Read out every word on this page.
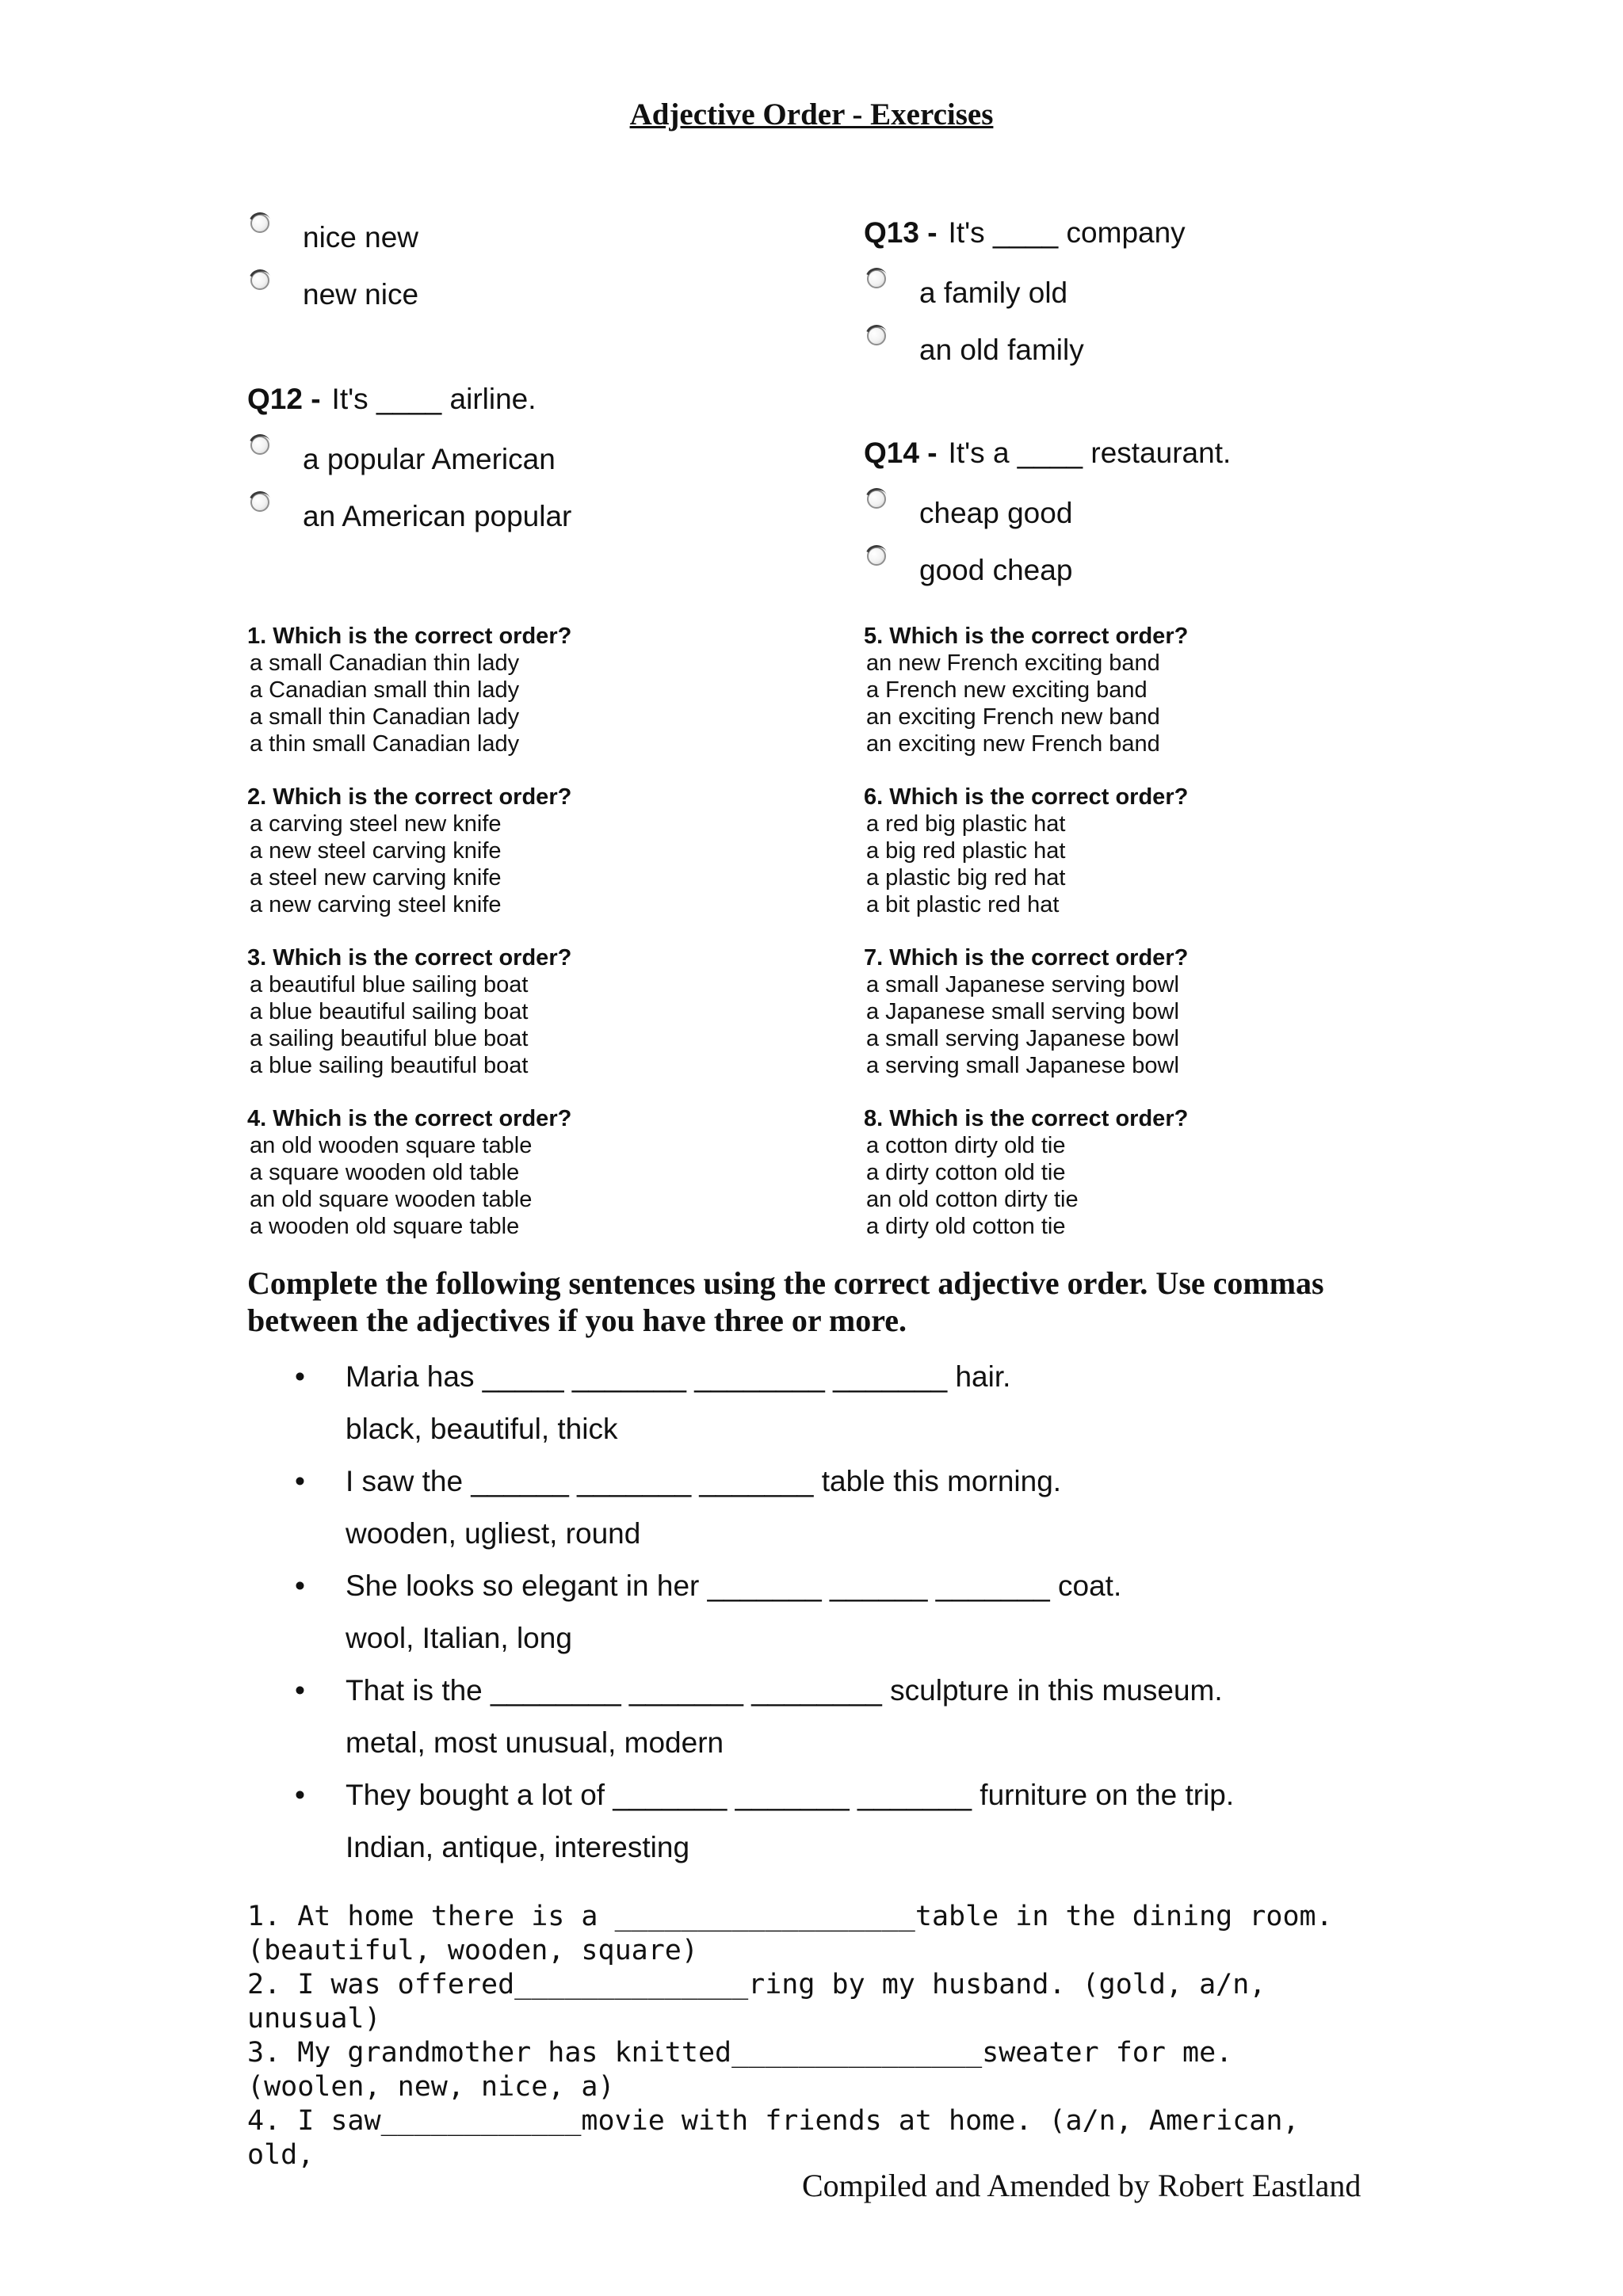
Adjective Order - Exercises
nice new
new nice
Q12 - It's ____ airline.
a popular American
an American popular
Q13 - It's ____ company
a family old
an old family
Q14 - It's a ____ restaurant.
cheap good
good cheap
1. Which is the correct order?
a small Canadian thin lady
a Canadian small thin lady
a small thin Canadian lady
a thin small Canadian lady
2. Which is the correct order?
a carving steel new knife
a new steel carving knife
a steel new carving knife
a new carving steel knife
3. Which is the correct order?
a beautiful blue sailing boat
a blue beautiful sailing boat
a sailing beautiful blue boat
a blue sailing beautiful boat
4. Which is the correct order?
an old wooden square table
a square wooden old table
an old square wooden table
a wooden old square table
5. Which is the correct order?
an new French exciting band
a French new exciting band
an exciting French new band
an exciting new French band
6. Which is the correct order?
a red big plastic hat
a big red plastic hat
a plastic big red hat
a bit plastic red hat
7. Which is the correct order?
a small Japanese serving bowl
a Japanese small serving bowl
a small serving Japanese bowl
a serving small Japanese bowl
8. Which is the correct order?
a cotton dirty old tie
a dirty cotton old tie
an old cotton dirty tie
a dirty old cotton tie
Complete the following sentences using the correct adjective order. Use commas between the adjectives if you have three or more.
• Maria has _____ _______ ________ _______ hair.
black, beautiful, thick
• I saw the ______ _______ _______ table this morning.
wooden, ugliest, round
• She looks so elegant in her _______ ______ _______ coat.
wool, Italian, long
• That is the ________ _______ ________ sculpture in this museum.
metal, most unusual, modern
• They bought a lot of _______ _______ _______ furniture on the trip.
Indian, antique, interesting
1. At home there is a __________________table in the dining room. (beautiful, wooden, square)
2. I was offered______________ring by my husband. (gold, a/n, unusual)
3. My grandmother has knitted_______________sweater for me. (woolen, new, nice, a)
4. I saw____________movie with friends at home. (a/n, American, old,
Compiled and Amended by Robert Eastland
